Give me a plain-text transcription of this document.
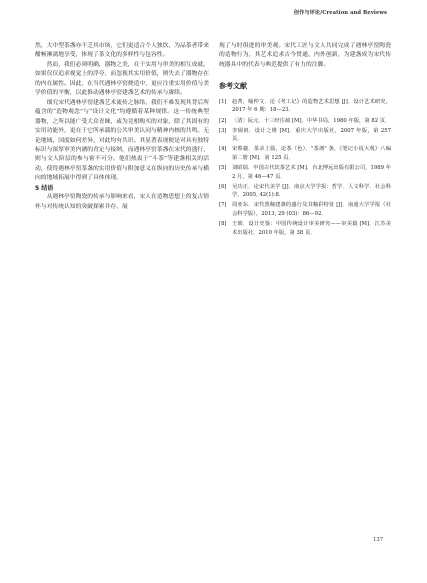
创作与评论/Creation and Reviews

然，大中型茶盏亦不乏其市场，它们更适合个人独饮，为品茶者带来酣畅淋漓地享受，体现了茶文化的多样性与包容性。

然而，我们必须明确，器物之美，在于实用与审美的相互成就。如果仅仅追求视觉上的浮夸，而忽视其实用价值，则失去了器物存在的内在属性。因此，在当代遇林亭窑烧造中，更应注重实用价值与美学价值的平衡，以此推动遇林亭窑建盏艺术的传承与赓续。

细究宋代遇林亭窑建盏艺术流传之脉络，我们不难发现其背后所蕴含的“造物观念”与“设计文化”均遵循着某种规律。这一传统典型器物，之所以能广受大众青睐，或为竞相购买的对象，除了其固有的实用功能外，更在于它所承载的公共审美认同与精神内核的共鸣。无论地域、国度如何差异，对此均有共识。其显著表现便是对具有独特标识与深厚审美内涵的青定与接纳，而遇林亭窑茶盏在宋代的盛行，则与文人阶层的参与密不可分。他们热衷于“斗茶”等建盏相关的活动，使得遇林亭窑茶盏的实用价值与附加意义在纵向的历史传承与横向的地域拓展中得到了具体体现。

5 结语

从遇林亭窑陶瓷的传承与影响来看，宋人在造物思想上的复古情怀与对传统认知的突破探索并存，展

现了与时俱进的审美观。宋代工匠与文人共同完成了遇林亭窑陶瓷的造物行为，其艺术追求古今贯通，内外创新，为建盏成为宋代传统器具中的代表与典范提供了有力的注脚。

参考文献
[1]	赵菁，喻仲文．论《考工记》的造物艺术思想 [J]．设计艺术研究，2017 年 6 期：18—23．
[2]	〔清〕阮元．十三经注疏 [M]．中华书局，1980 年版，第 82 页．
[3]	李砚祖．设计之维 [M]．重庆大学出版社，2007 年版，第 257 页．
[4]	宋蔡襄．茶录上篇，论茶（色）．"茶盏" 条，《笔记小说大观》八编第二册 [M]．第 125 页．
[5]	刘昭瑞．中国古代饮茶艺术 [M]．台北博远出版有限公司，1989 年 2 月，第 46—47 页．
[6]	吴功正．论宋代美学 [J]．南京大学学报：哲学．人文科学．社会科学，2005, 42(1):8．
[7]	周亚东．宋代黑釉建盏的盛行及其釉彩特征 [J]．南通大学学报（社会科学版），2013, 29 (03)：86—92．
[8]	王琥．设计史鉴：中国传统设计审美研究——审美篇 [M]．江苏美术出版社，2010 年版，第 38 页．
137
